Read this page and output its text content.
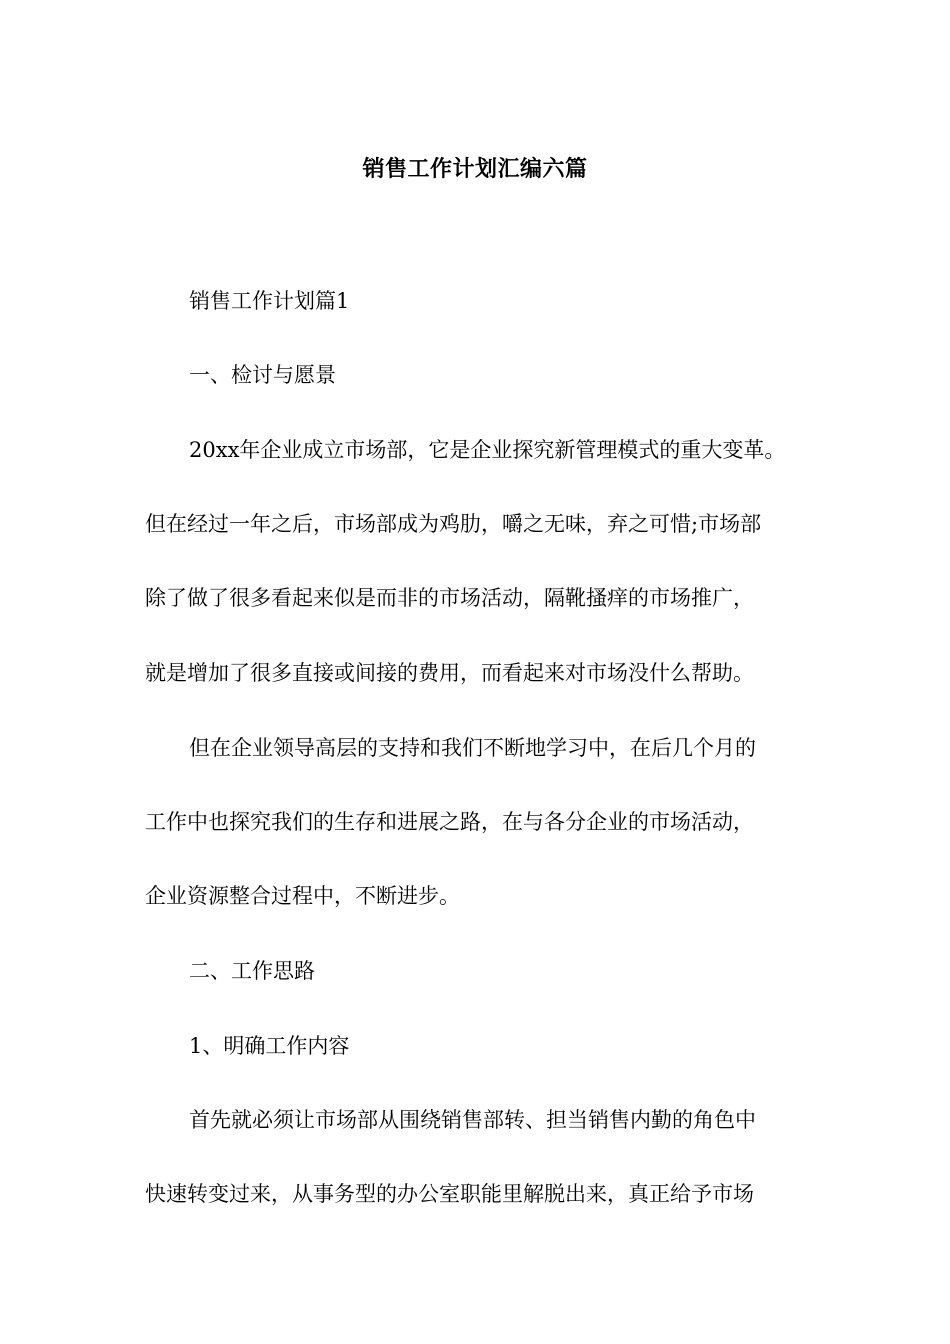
销售工作计划汇编六篇
销售工作计划篇1
一、检讨与愿景
20xx年企业成立市场部，它是企业探究新管理模式的重大变革。
但在经过一年之后，市场部成为鸡肋，嚼之无味，弃之可惜;市场部
除了做了很多看起来似是而非的市场活动，隔靴搔痒的市场推广，
就是增加了很多直接或间接的费用，而看起来对市场没什么帮助。
但在企业领导高层的支持和我们不断地学习中，在后几个月的
工作中也探究我们的生存和进展之路，在与各分企业的市场活动，
企业资源整合过程中，不断进步。
二、工作思路
1、明确工作内容
首先就必须让市场部从围绕销售部转、担当销售内勤的角色中
快速转变过来，从事务型的办公室职能里解脱出来，真正给予市场
